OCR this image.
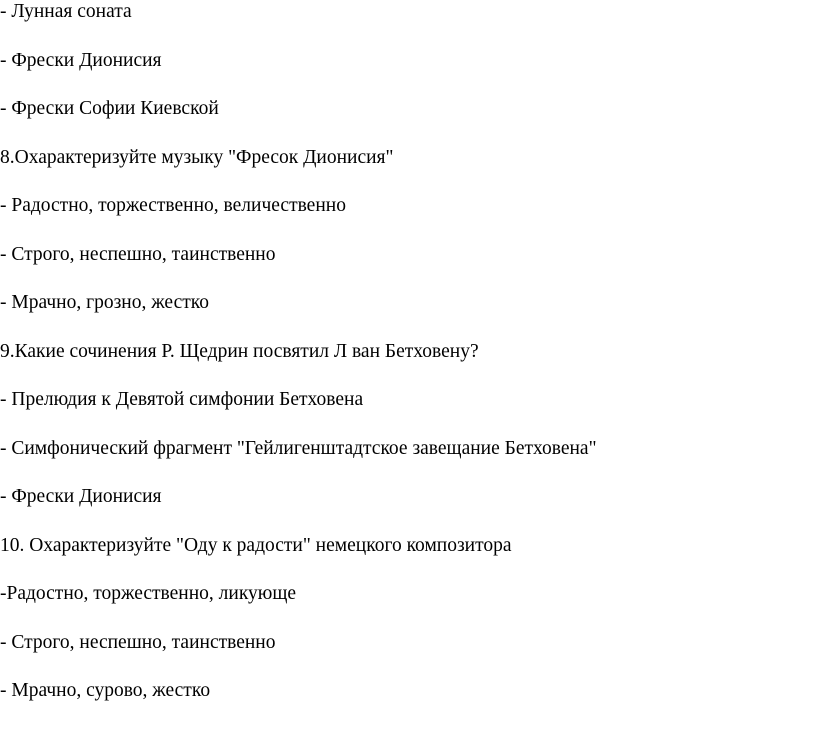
- Лунная соната

- Фрески Дионисия

- Фрески Софии Киевской

8.Охарактеризуйте музыку "Фресок Дионисия"

- Радостно, торжественно, величественно

- Строго, неспешно, таинственно

- Мрачно, грозно, жестко

9.Какие сочинения Р. Щедрин посвятил Л ван Бетховену?

- Прелюдия к Девятой симфонии Бетховена

- Симфонический фрагмент "Гейлигенштадтское завещание Бетховена"

- Фрески Дионисия

10. Охарактеризуйте "Оду к радости" немецкого композитора

-Радостно, торжественно, ликующе

- Строго, неспешно, таинственно

- Мрачно, сурово, жестко
